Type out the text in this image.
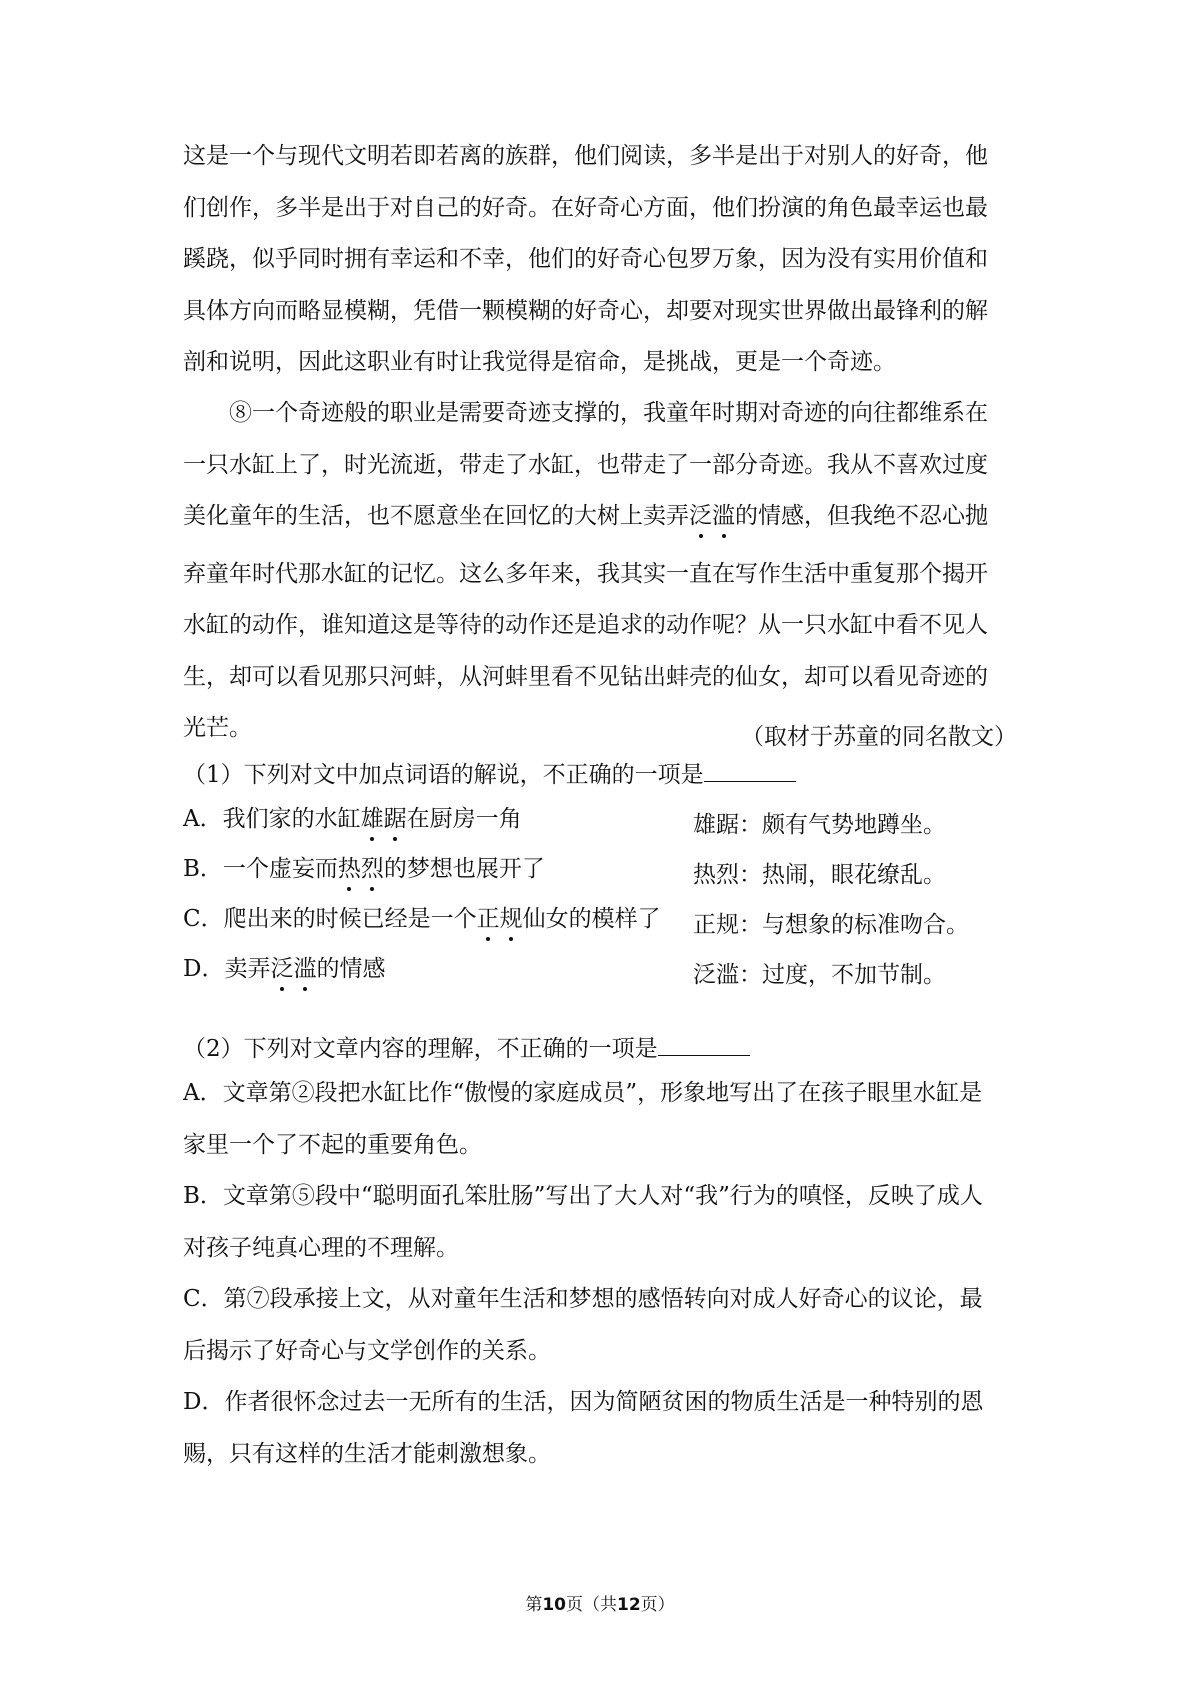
这是一个与现代文明若即若离的族群，他们阅读，多半是出于对别人的好奇，他
们创作，多半是出于对自己的好奇。在好奇心方面，他们扮演的角色最幸运也最
蹊跷，似乎同时拥有幸运和不幸，他们的好奇心包罗万象，因为没有实用价值和
具体方向而略显模糊，凭借一颗模糊的好奇心，却要对现实世界做出最锋利的解
剖和说明，因此这职业有时让我觉得是宿命，是挑战，更是一个奇迹。

⑧一个奇迹般的职业是需要奇迹支撑的，我童年时期对奇迹的向往都维系在
一只水缸上了，时光流逝，带走了水缸，也带走了一部分奇迹。我从不喜欢过度
美化童年的生活，也不愿意坐在回忆的大树上卖弄泛滥的情感，但我绝不忍心抛
弃童年时代那水缸的记忆。这么多年来，我其实一直在写作生活中重复那个揭开
水缸的动作，谁知道这是等待的动作还是追求的动作呢？从一只水缸中看不见人
生，却可以看见那只河蚌，从河蚌里看不见钻出蚌壳的仙女，却可以看见奇迹的
光芒。	（取材于苏童的同名散文）
（1）下列对文中加点词语的解说，不正确的一项是
A．我们家的水缸雄踞在厨房一角	雄踞：颇有气势地蹲坐。
B．一个虚妄而热烈的梦想也展开了	热烈：热闹，眼花缭乱。
C．爬出来的时候已经是一个正规仙女的模样了 正规：与想象的标准吻合。
D．卖弄泛滥的情感	泛滥：过度，不加节制。
（2）下列对文章内容的理解，不正确的一项是

A．文章第②段把水缸比作“傲慢的家庭成员”，形象地写出了在孩子眼里水缸是
家里一个了不起的重要角色。

B．文章第⑤段中“聪明面孔笨肚肠”写出了大人对“我”行为的嗔怪，反映了成人
对孩子纯真心理的不理解。

C．第⑦段承接上文，从对童年生活和梦想的感悟转向对成人好奇心的议论，最
后揭示了好奇心与文学创作的关系。

D．作者很怀念过去一无所有的生活，因为简陋贫困的物质生活是一种特别的恩
赐，只有这样的生活才能刺激想象。

第10页（共12页）
